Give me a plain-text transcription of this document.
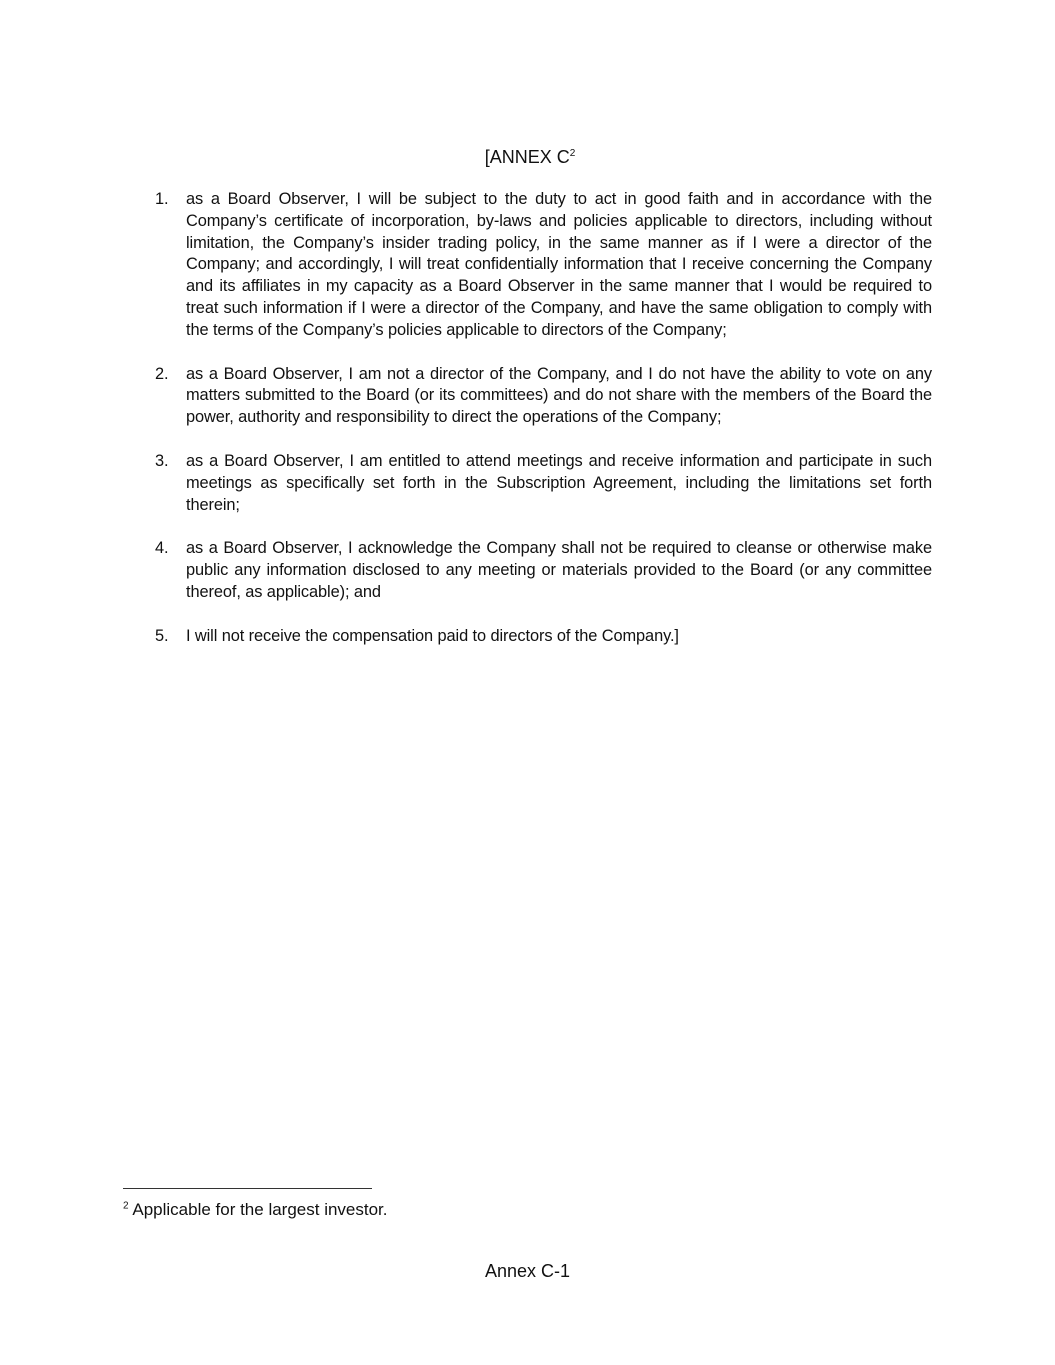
[ANNEX $C^2$
1. as a Board Observer, I will be subject to the duty to act in good faith and in accordance with the Company’s certificate of incorporation, by-laws and policies applicable to directors, including without limitation, the Company’s insider trading policy, in the same manner as if I were a director of the Company; and accordingly, I will treat confidentially information that I receive concerning the Company and its affiliates in my capacity as a Board Observer in the same manner that I would be required to treat such information if I were a director of the Company, and have the same obligation to comply with the terms of the Company’s policies applicable to directors of the Company;
2. as a Board Observer, I am not a director of the Company, and I do not have the ability to vote on any matters submitted to the Board (or its committees) and do not share with the members of the Board the power, authority and responsibility to direct the operations of the Company;
3. as a Board Observer, I am entitled to attend meetings and receive information and participate in such meetings as specifically set forth in the Subscription Agreement, including the limitations set forth therein;
4. as a Board Observer, I acknowledge the Company shall not be required to cleanse or otherwise make public any information disclosed to any meeting or materials provided to the Board (or any committee thereof, as applicable); and
5. I will not receive the compensation paid to directors of the Company.]
$^2$ Applicable for the largest investor.
Annex C-1
